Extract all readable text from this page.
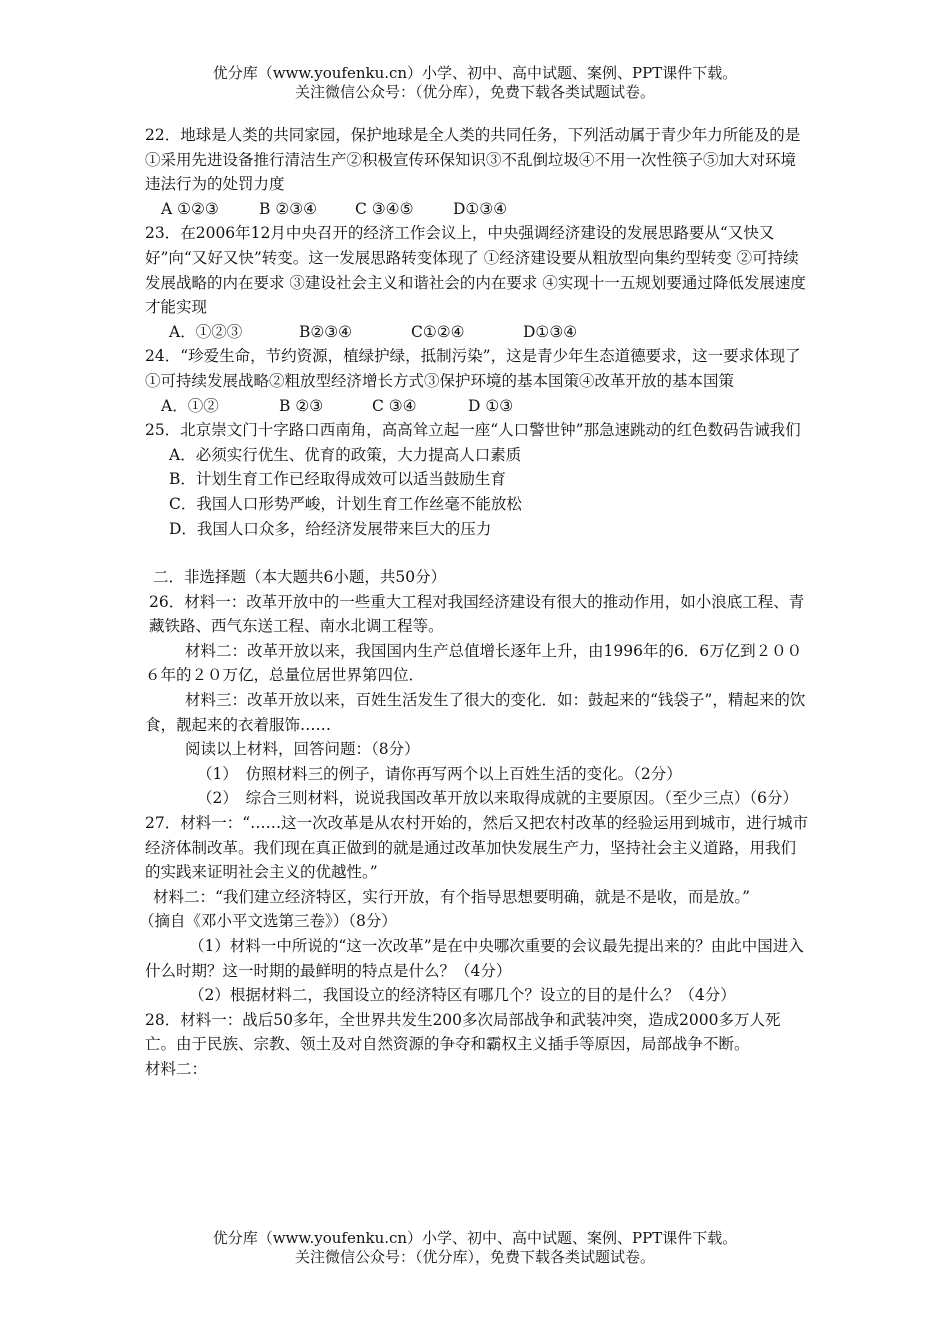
优分库（www.youfenku.cn）小学、初中、高中试题、案例、PPT课件下载。
关注微信公众号：（优分库），免费下载各类试题试卷。

22．地球是人类的共同家园，保护地球是全人类的共同任务，下列活动属于青少年力所能及的是　　　①采用先进设备推行清洁生产②积极宣传环保知识③不乱倒垃圾④不用一次性筷子⑤加大对环境违法行为的处罚力度

A ①②③	B ②③④ C ③④⑤	D①③④

23．在2006年12月中央召开的经济工作会议上，中央强调经济建设的发展思路要从“又快又好”向“又好又快”转变。这一发展思路转变体现了 ①经济建设要从粗放型向集约型转变 ②可持续发展战略的内在要求 ③建设社会主义和谐社会的内在要求 ④实现十一五规划要通过降低发展速度才能实现

A．①②③	B②③④	C①②④	D①③④

24．“珍爱生命，节约资源，植绿护绿，抵制污染”，这是青少年生态道德要求，这一要求体现了　　①可持续发展战略②粗放型经济增长方式③保护环境的基本国策④改革开放的基本国策

A．①②	B ②③	C ③④	D ①③

25．北京崇文门十字路口西南角，高高耸立起一座“人口警世钟”那急速跳动的红色数码告诫我们

A．必须实行优生、优育的政策，大力提高人口素质

B．计划生育工作已经取得成效可以适当鼓励生育

C．我国人口形势严峻，计划生育工作丝毫不能放松

D．我国人口众多，给经济发展带来巨大的压力

二．非选择题（本大题共6小题，共50分）

26．材料一：改革开放中的一些重大工程对我国经济建设有很大的推动作用，如小浪底工程、青藏铁路、西气东送工程、南水北调工程等。

材料二：改革开放以来，我国国内生产总值增长逐年上升，由1996年的6．6万亿到２００６年的２０万亿，总量位居世界第四位．

材料三：改革开放以来，百姓生活发生了很大的变化．如：鼓起来的“钱袋子”，精起来的饮食，靓起来的衣着服饰……

阅读以上材料，回答问题：（8分）

（1）　仿照材料三的例子，请你再写两个以上百姓生活的变化。（2分）

（2）　综合三则材料，说说我国改革开放以来取得成就的主要原因。（至少三点）（6分）

27．材料一：“……这一次改革是从农村开始的，然后又把农村改革的经验运用到城市，进行城市经济体制改革。我们现在真正做到的就是通过改革加快发展生产力，坚持社会主义道路，用我们的实践来证明社会主义的优越性。”

材料二：“我们建立经济特区，实行开放，有个指导思想要明确，就是不是收，而是放。”

（摘自《邓小平文选第三卷》）（8分）

（1）材料一中所说的“这一次改革”是在中央哪次重要的会议最先提出来的？由此中国进入什么时期？这一时期的最鲜明的特点是什么？（4分）

（2）根据材料二，我国设立的经济特区有哪几个？设立的目的是什么？（4分）

28．材料一：战后50多年，全世界共发生200多次局部战争和武装冲突，造成2000多万人死亡。由于民族、宗教、领土及对自然资源的争夺和霸权主义插手等原因，局部战争不断。

材料二：

优分库（www.youfenku.cn）小学、初中、高中试题、案例、PPT课件下载。
关注微信公众号：（优分库），免费下载各类试题试卷。
